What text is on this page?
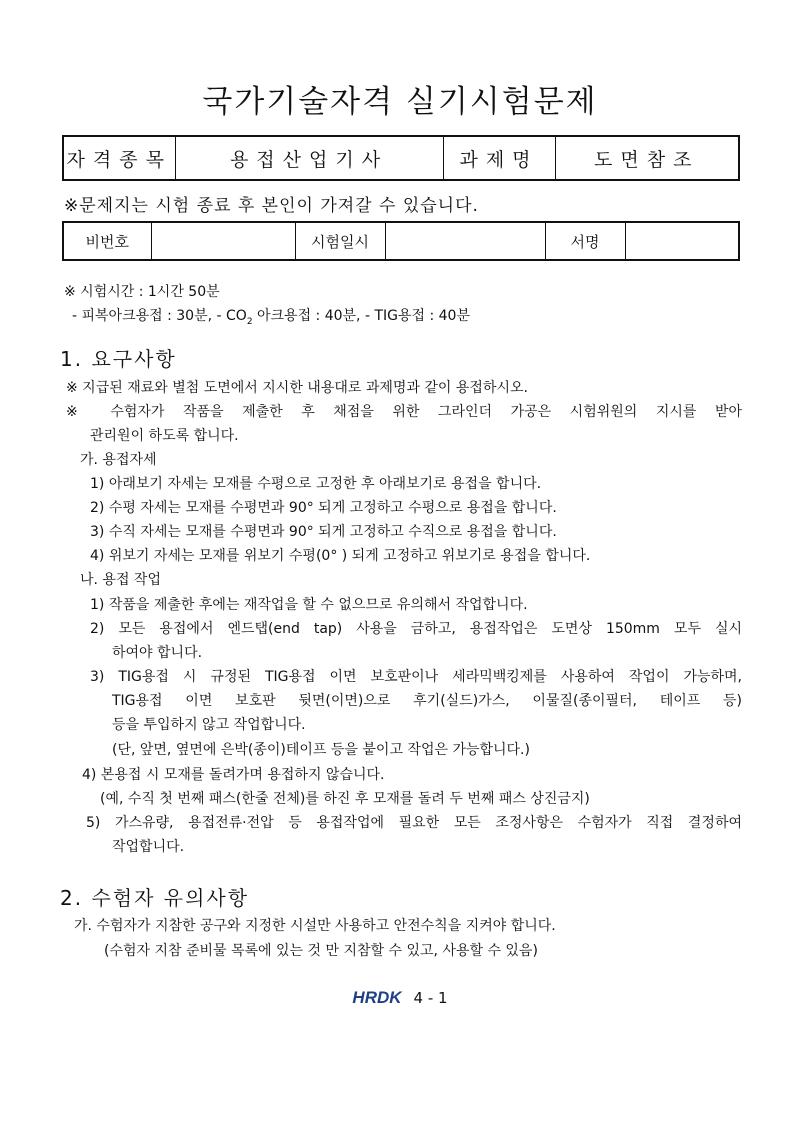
국가기술자격 실기시험문제
자격종목	용접산업기사	과제명	도면참조
※문제지는 시험 종료 후 본인이 가져갈 수 있습니다.
비번호		시험일시		서명	
※ 시험시간 : 1시간 50분
- 피복아크용접 : 30분, - $CO_2$ 아크용접 : 40분, - TIG용접 : 40분
1. 요구사항
※ 지급된 재료와 별첨 도면에서 지시한 내용대로 과제명과 같이 용접하시오.
※ 수험자가 작품을 제출한 후 채점을 위한 그라인더 가공은 시험위원의 지시를 받아
관리원이 하도록 합니다.
가. 용접자세
1) 아래보기 자세는 모재를 수평으로 고정한 후 아래보기로 용접을 합니다.
2) 수평 자세는 모재를 수평면과 90° 되게 고정하고 수평으로 용접을 합니다.
3) 수직 자세는 모재를 수평면과 90° 되게 고정하고 수직으로 용접을 합니다.
4) 위보기 자세는 모재를 위보기 수평(0° ) 되게 고정하고 위보기로 용접을 합니다.
나. 용접 작업
1) 작품을 제출한 후에는 재작업을 할 수 없으므로 유의해서 작업합니다.
2) 모든 용접에서 엔드탭(end tap) 사용을 금하고, 용접작업은 도면상 150mm 모두 실시
하여야 합니다.
3) TIG용접 시 규정된 TIG용접 이면 보호판이나 세라믹백킹제를 사용하여 작업이 가능하며,
TIG용접 이면 보호판 뒷면(이면)으로 후기(실드)가스, 이물질(종이필터, 테이프 등)
등을 투입하지 않고 작업합니다.
(단, 앞면, 옆면에 은박(종이)테이프 등을 붙이고 작업은 가능합니다.)
4) 본용접 시 모재를 돌려가며 용접하지 않습니다.
(예, 수직 첫 번째 패스(한줄 전체)를 하진 후 모재를 돌려 두 번째 패스 상진금지)
5) 가스유량, 용접전류·전압 등 용접작업에 필요한 모든 조정사항은 수험자가 직접 결정하여
작업합니다.
2. 수험자 유의사항
가. 수험자가 지참한 공구와 지정한 시설만 사용하고 안전수칙을 지켜야 합니다.
(수험자 지참 준비물 목록에 있는 것 만 지참할 수 있고, 사용할 수 있음)
HRDK 4 - 1
